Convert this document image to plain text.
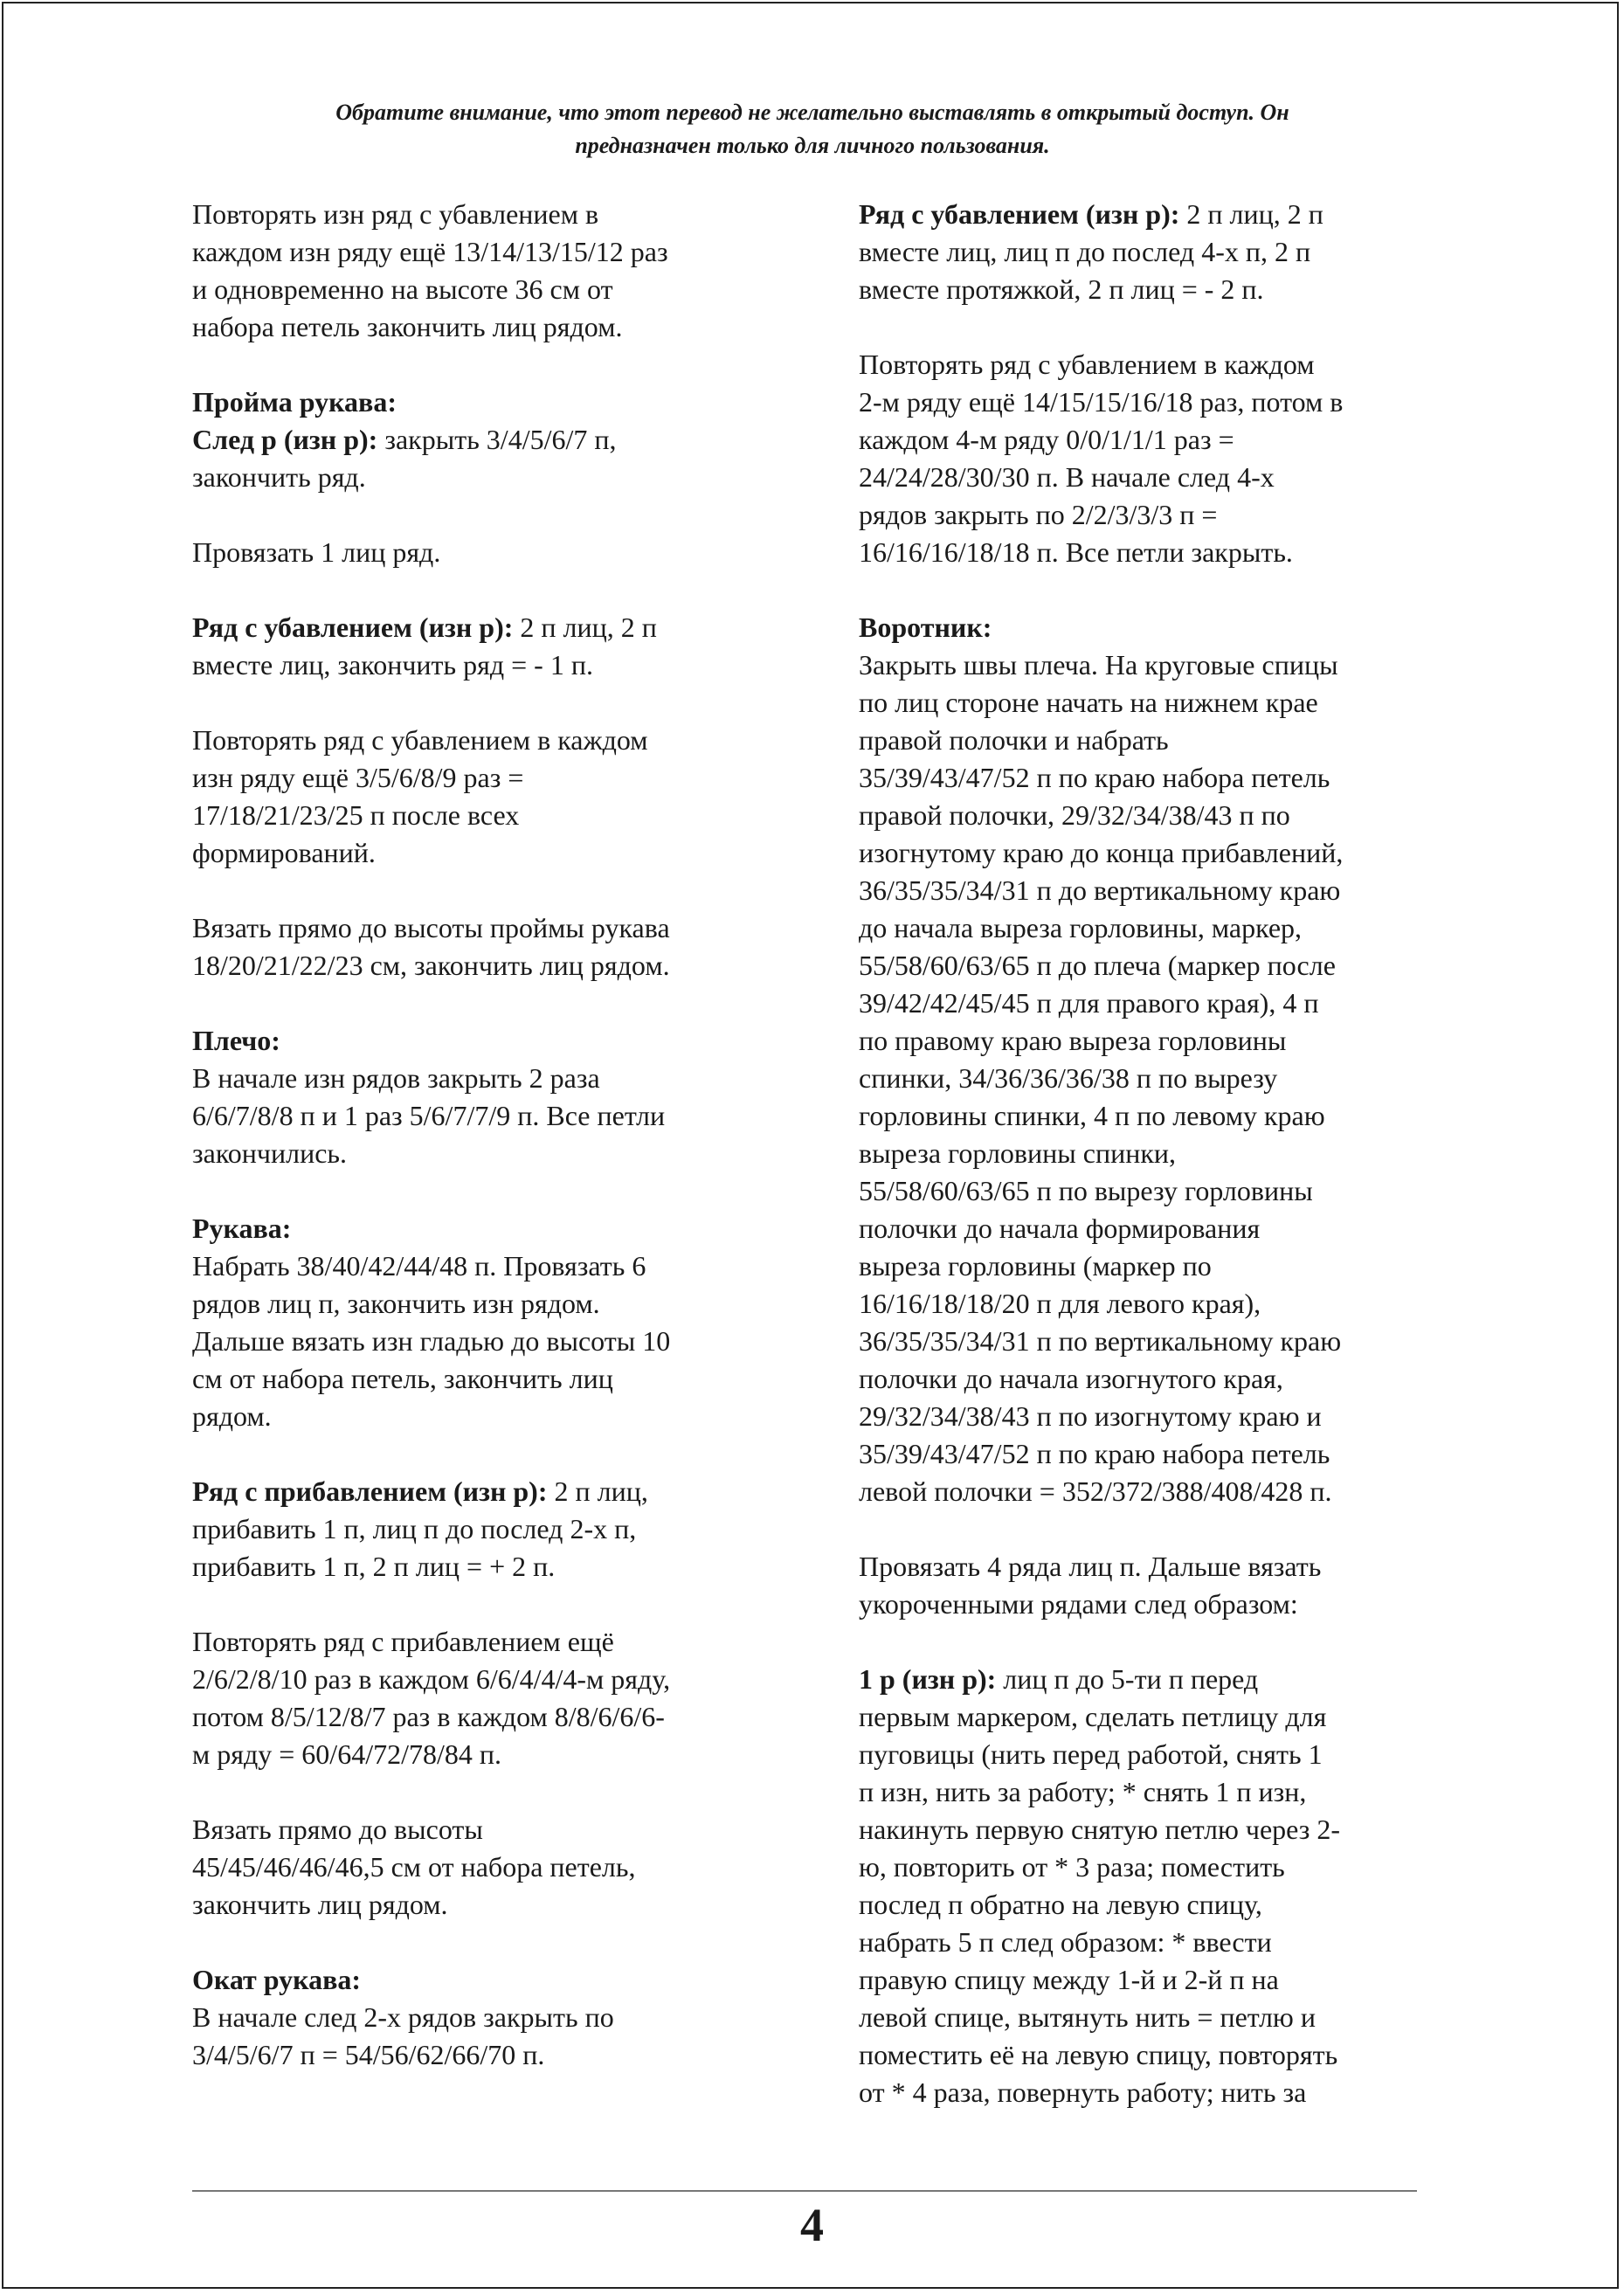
Обратите внимание, что этот перевод не желательно выставлять в открытый доступ. Он
предназначен только для личного пользования.
Повторять изн ряд с убавлением в
каждом изн ряду ещё 13/14/13/15/12 раз
и одновременно на высоте 36 см от
набора петель закончить лиц рядом.
Пройма рукава:
След р (изн р): закрыть 3/4/5/6/7 п,
закончить ряд.
Провязать 1 лиц ряд.
Ряд с убавлением (изн р): 2 п лиц, 2 п
вместе лиц, закончить ряд = - 1 п.
Повторять ряд с убавлением в каждом
изн ряду ещё 3/5/6/8/9 раз =
17/18/21/23/25 п после всех
формирований.
Вязать прямо до высоты проймы рукава
18/20/21/22/23 см, закончить лиц рядом.
Плечо:
В начале изн рядов закрыть 2 раза
6/6/7/8/8 п и 1 раз 5/6/7/7/9 п. Все петли
закончились.
Рукава:
Набрать 38/40/42/44/48 п. Провязать 6
рядов лиц п, закончить изн рядом.
Дальше вязать изн гладью до высоты 10
см от набора петель, закончить лиц
рядом.
Ряд с прибавлением (изн р): 2 п лиц,
прибавить 1 п, лиц п до послед 2-х п,
прибавить 1 п, 2 п лиц = + 2 п.
Повторять ряд с прибавлением ещё
2/6/2/8/10 раз в каждом 6/6/4/4/4-м ряду,
потом 8/5/12/8/7 раз в каждом 8/8/6/6/6-
м ряду = 60/64/72/78/84 п.
Вязать прямо до высоты
45/45/46/46/46,5 см от набора петель,
закончить лиц рядом.
Окат рукава:
В начале след 2-х рядов закрыть по
3/4/5/6/7 п = 54/56/62/66/70 п.
Ряд с убавлением (изн р): 2 п лиц, 2 п
вместе лиц, лиц п до послед 4-х п, 2 п
вместе протяжкой, 2 п лиц = - 2 п.
Повторять ряд с убавлением в каждом
2-м ряду ещё 14/15/15/16/18 раз, потом в
каждом 4-м ряду 0/0/1/1/1 раз =
24/24/28/30/30 п. В начале след 4-х
рядов закрыть по 2/2/3/3/3 п =
16/16/16/18/18 п. Все петли закрыть.
Воротник:
Закрыть швы плеча. На круговые спицы
по лиц стороне начать на нижнем крае
правой полочки и набрать
35/39/43/47/52 п по краю набора петель
правой полочки, 29/32/34/38/43 п по
изогнутому краю до конца прибавлений,
36/35/35/34/31 п до вертикальному краю
до начала выреза горловины, маркер,
55/58/60/63/65 п до плеча (маркер после
39/42/42/45/45 п для правого края), 4 п
по правому краю выреза горловины
спинки, 34/36/36/36/38 п по вырезу
горловины спинки, 4 п по левому краю
выреза горловины спинки,
55/58/60/63/65 п по вырезу горловины
полочки до начала формирования
выреза горловины (маркер по
16/16/18/18/20 п для левого края),
36/35/35/34/31 п по вертикальному краю
полочки до начала изогнутого края,
29/32/34/38/43 п по изогнутому краю и
35/39/43/47/52 п по краю набора петель
левой полочки = 352/372/388/408/428 п.
Провязать 4 ряда лиц п. Дальше вязать
укороченными рядами след образом:
1 р (изн р): лиц п до 5-ти п перед
первым маркером, сделать петлицу для
пуговицы (нить перед работой, снять 1
п изн, нить за работу; * снять 1 п изн,
накинуть первую снятую петлю через 2-
ю, повторить от * 3 раза; поместить
послед п обратно на левую спицу,
набрать 5 п след образом: * ввести
правую спицу между 1-й и 2-й п на
левой спице, вытянуть нить = петлю и
поместить её на левую спицу, повторять
от * 4 раза, повернуть работу; нить за
4
